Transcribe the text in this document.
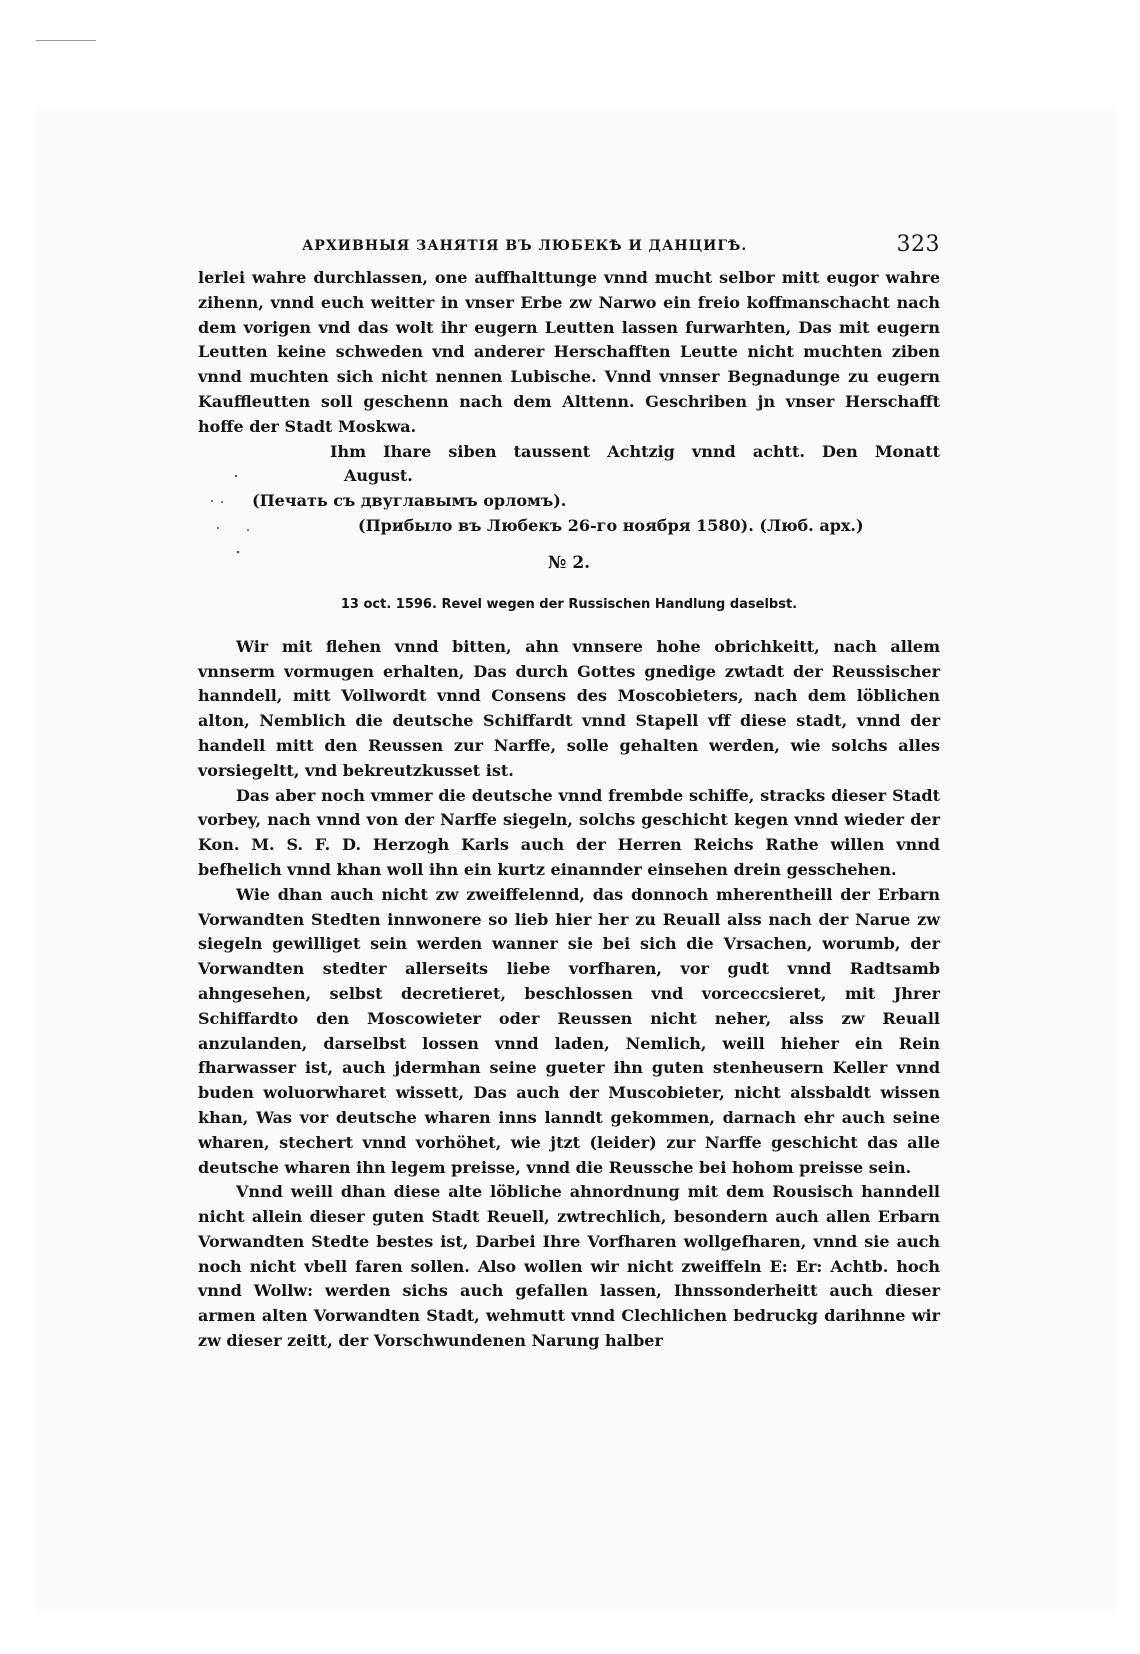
АРХИВНЫЯ ЗАНЯТІЯ ВЪ ЛЮБЕКѢ И ДАНЦИГѢ.	323

lerlei wahre durchlassen, one auffhalttunge vnnd mucht selbor mitt eugor wahre zihenn, vnnd euch weitter in vnser Erbe zw Narwo ein freio koffmanschacht nach dem vorigen vnd das wolt ihr eugern Leutten lassen furwarhten, Das mit eugern Leutten keine schweden vnd anderer Herschafften Leutte nicht muchten ziben vnnd muchten sich nicht nennen Lubische. Vnnd vnnser Begnadunge zu eugern Kauffleutten soll geschenn nach dem Alttenn. Geschriben jn vnser Herschafft hoffe der Stadt Moskwa.

Ihm Ihare siben taussent Achtzig vnnd achtt. Den Monatt

August.

(Печать съ двуглавымъ орломъ).

(Прибыло въ Любекъ 26-го ноября 1580). (Люб. арх.)

№ 2.
13 oct. 1596. Revel wegen der Russischen Handlung daselbst.

Wir mit flehen vnnd bitten, ahn vnnsere hohe obrichkeitt, nach allem vnnserm vormugen erhalten, Das durch Gottes gnedige zwtadt der Reussischer hanndell, mitt Vollwordt vnnd Consens des Moscobieters, nach dem löblichen alton, Nemblich die deutsche Schiffardt vnnd Stapell vff diese stadt, vnnd der handell mitt den Reussen zur Narffe, solle gehalten werden, wie solchs alles vorsiegeltt, vnd bekreutzkusset ist.

Das aber noch vmmer die deutsche vnnd frembde schiffe, stracks dieser Stadt vorbey, nach vnnd von der Narffe siegeln, solchs geschicht kegen vnnd wieder der Kon. M. S. F. D. Herzogh Karls auch der Herren Reichs Rathe willen vnnd befhelich vnnd khan woll ihn ein kurtz einannder einsehen drein gesschehen.

Wie dhan auch nicht zw zweiffelennd, das donnoch mherentheill der Erbarn Vorwandten Stedten innwonere so lieb hier her zu Reuall alss nach der Narue zw siegeln gewilliget sein werden wanner sie bei sich die Vrsachen, worumb, der Vorwandten stedter allerseits liebe vorfharen, vor gudt vnnd Radtsamb ahngesehen, selbst decretieret, beschlossen vnd vorceccsieret, mit Jhrer Schiffardto den Moscowieter oder Reussen nicht neher, alss zw Reuall anzulanden, darselbst lossen vnnd laden, Nemlich, weill hieher ein Rein fharwasser ist, auch jdermhan seine gueter ihn guten stenheusern Keller vnnd buden woluorwharet wissett, Das auch der Muscobieter, nicht alssbaldt wissen khan, Was vor deutsche wharen inns lanndt gekommen, darnach ehr auch seine wharen, stechert vnnd vorhöhet, wie jtzt (leider) zur Narffe geschicht das alle deutsche wharen ihn legem preisse, vnnd die Reussche bei hohom preisse sein.

Vnnd weill dhan diese alte löbliche ahnordnung mit dem Rousisch hanndell nicht allein dieser guten Stadt Reuell, zwtrechlich, besondern auch allen Erbarn Vorwandten Stedte bestes ist, Darbei Ihre Vorfharen wollgefharen, vnnd sie auch noch nicht vbell faren sollen. Also wollen wir nicht zweiffeln E: Er: Achtb. hoch vnnd Wollw: werden sichs auch gefallen lassen, Ihnssonderheitt auch dieser armen alten Vorwandten Stadt, wehmutt vnnd Clechlichen bedruckg darihnne wir zw dieser zeitt, der Vorschwundenen Narung halber
